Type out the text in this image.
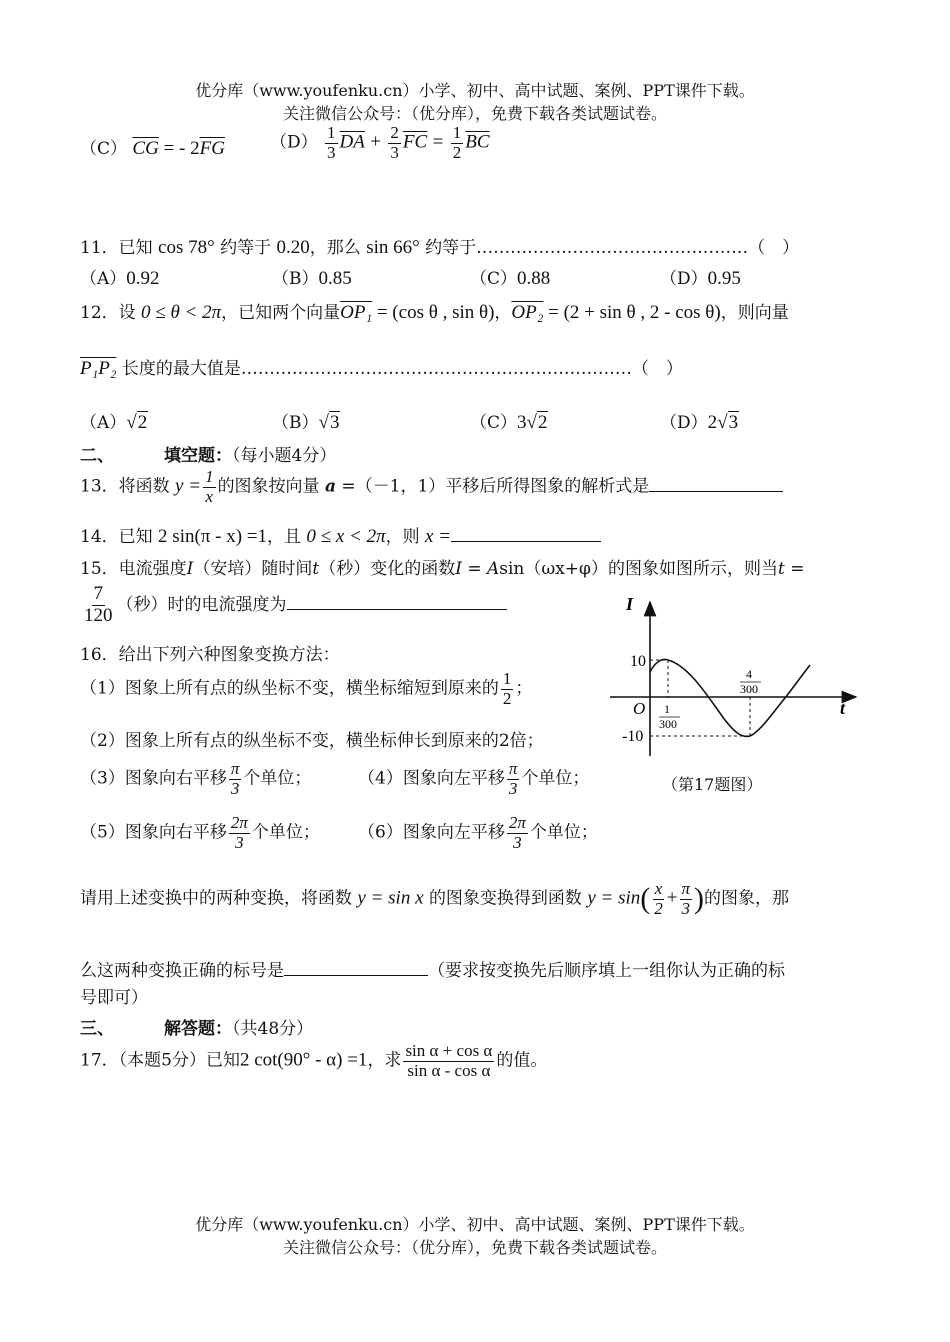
优分库（www.youfenku.cn）小学、初中、高中试题、案例、PPT课件下载。
关注微信公众号：（优分库），免费下载各类试题试卷。
（C） $\overline{CG}$ = - $2\overline{FG}$	$(D) \frac{1}{3} \overline{DA} + \frac{2}{3} \overline{FC} = \frac{1}{2} \overline{BC}$
11．已知 cos 78° 约等于 0.20，那么 sin 66° 约等于…………………………………………（　）
（A）0.92	（B）0.85	（C）0.88	（D）0.95
12．设 0 ≤ θ < 2π，已知两个向量OP₁ = (cos θ , sin θ)，OP₂ = (2 + sin θ , 2 - cos θ)，则向量
P₁P₂ 长度的最大值是……………………………………………………………（　）
（A）√2	（B）√3	（C）3√2	（D）2√3
二、	填空题：（每小题4分）
13．将函数 $y = \frac{1}{x}$ 的图象按向量 a =（－1，1）平移后所得图象的解析式是
14．已知 2 sin(π - x) =1，且 0 ≤ x < 2π，则 x =
15．电流强度I（安培）随时间t（秒）变化的函数I = Asin（ωx+φ）的图象如图所示，则当t =
$\frac{7}{120}$ （秒）时的电流强度为	I
t
O
10
-10
1
300
4
300
（第17题图）
16．给出下列六种图象变换方法：
（1）图象上所有点的纵坐标不变，横坐标缩短到原来的 $\frac{1}{2}$ ；
（2）图象上所有点的纵坐标不变，横坐标伸长到原来的2倍；
（3）图象向右平移 $\frac{\pi}{3}$ 个单位；	（4）图象向左平移 $\frac{\pi}{3}$ 个单位；
（5）图象向右平移 $\frac{2\pi}{3}$ 个单位； （6）图象向左平移 $\frac{2\pi}{3}$ 个单位；
请用上述变换中的两种变换，将函数 y = sin x 的图象变换得到函数 $y = \sin( \frac{x}{2} + \frac{\pi}{3}$ )的图象，那
么这两种变换正确的标号是	（要求按变换先后顺序填上一组你认为正确的标
号即可）
三、	解答题：（共48分）
17．（本题5分）已知2 cot(90° - α) =1，求 $\frac{\text{sin α + cos α}}{\text{sin α - cos α}}$ 的值。
优分库（www.youfenku.cn）小学、初中、高中试题、案例、PPT课件下载。
关注微信公众号：（优分库），免费下载各类试题试卷。
